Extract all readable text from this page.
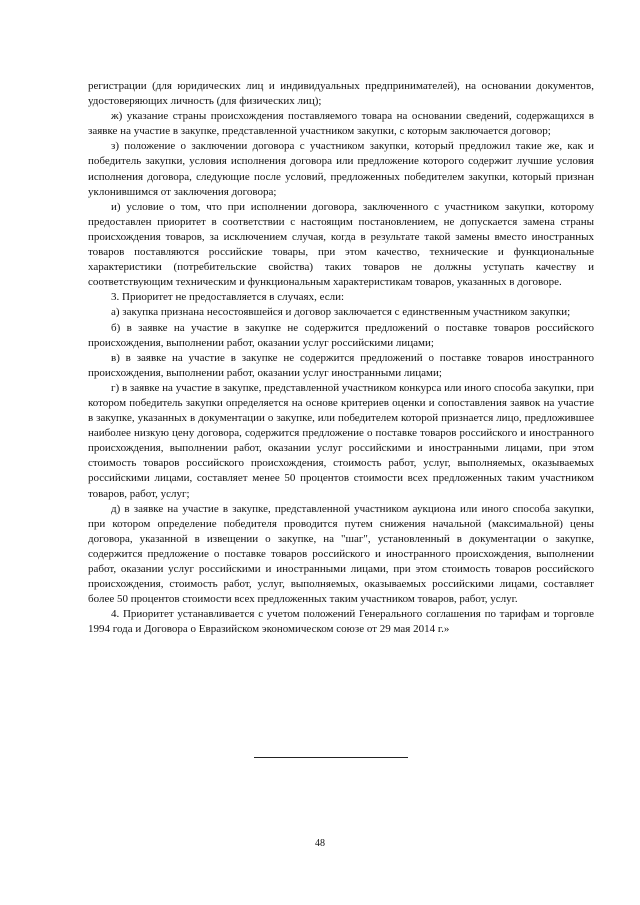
регистрации (для юридических лиц и индивидуальных предпринимателей), на основании документов, удостоверяющих личность (для физических лиц);

ж) указание страны происхождения поставляемого товара на основании сведений, содержащихся в заявке на участие в закупке, представленной участником закупки, с которым заключается договор;

з) положение о заключении договора с участником закупки, который предложил такие же, как и победитель закупки, условия исполнения договора или предложение которого содержит лучшие условия исполнения договора, следующие после условий, предложенных победителем закупки, который признан уклонившимся от заключения договора;

и) условие о том, что при исполнении договора, заключенного с участником закупки, которому предоставлен приоритет в соответствии с настоящим постановлением, не допускается замена страны происхождения товаров, за исключением случая, когда в результате такой замены вместо иностранных товаров поставляются российские товары, при этом качество, технические и функциональные характеристики (потребительские свойства) таких товаров не должны уступать качеству и соответствующим техническим и функциональным характеристикам товаров, указанных в договоре.

3. Приоритет не предоставляется в случаях, если:

а) закупка признана несостоявшейся и договор заключается с единственным участником закупки;

б) в заявке на участие в закупке не содержится предложений о поставке товаров российского происхождения, выполнении работ, оказании услуг российскими лицами;

в) в заявке на участие в закупке не содержится предложений о поставке товаров иностранного происхождения, выполнении работ, оказании услуг иностранными лицами;

г) в заявке на участие в закупке, представленной участником конкурса или иного способа закупки, при котором победитель закупки определяется на основе критериев оценки и сопоставления заявок на участие в закупке, указанных в документации о закупке, или победителем которой признается лицо, предложившее наиболее низкую цену договора, содержится предложение о поставке товаров российского и иностранного происхождения, выполнении работ, оказании услуг российскими и иностранными лицами, при этом стоимость товаров российского происхождения, стоимость работ, услуг, выполняемых, оказываемых российскими лицами, составляет менее 50 процентов стоимости всех предложенных таким участником товаров, работ, услуг;

д) в заявке на участие в закупке, представленной участником аукциона или иного способа закупки, при котором определение победителя проводится путем снижения начальной (максимальной) цены договора, указанной в извещении о закупке, на "шаг", установленный в документации о закупке, содержится предложение о поставке товаров российского и иностранного происхождения, выполнении работ, оказании услуг российскими и иностранными лицами, при этом стоимость товаров российского происхождения, стоимость работ, услуг, выполняемых, оказываемых российскими лицами, составляет более 50 процентов стоимости всех предложенных таким участником товаров, работ, услуг.

4. Приоритет устанавливается с учетом положений Генерального соглашения по тарифам и торговле 1994 года и Договора о Евразийском экономическом союзе от 29 мая 2014 г.»

48
